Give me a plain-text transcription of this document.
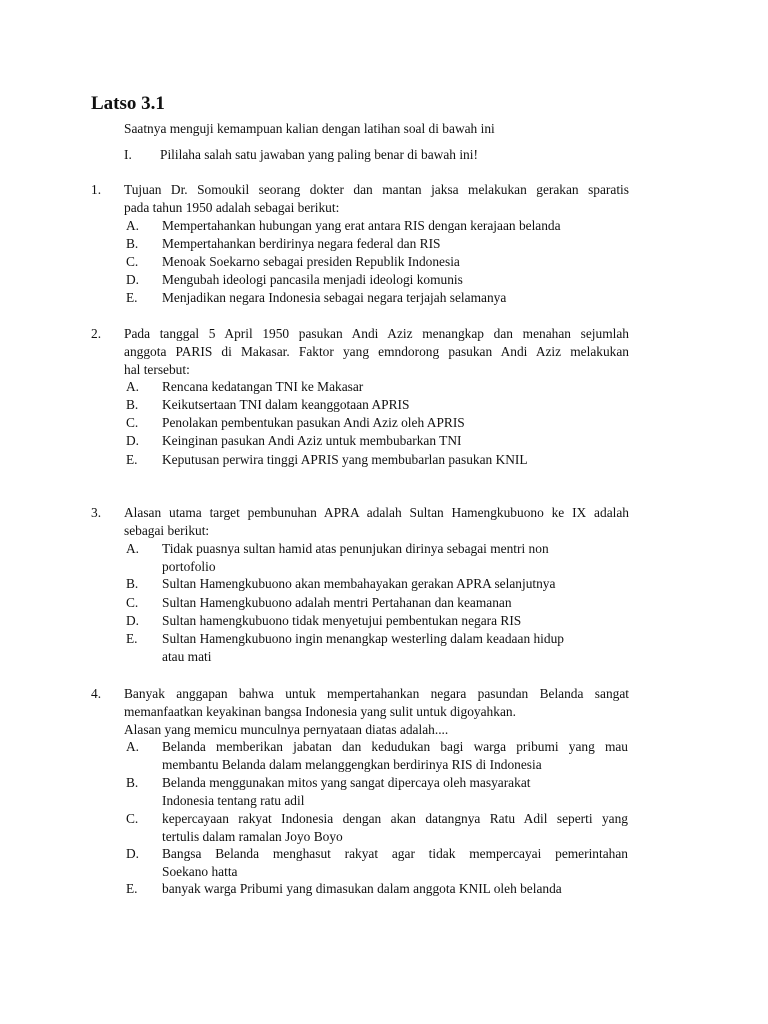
Latso 3.1
Saatnya menguji kemampuan kalian dengan latihan soal di bawah ini
I. Pililaha salah satu jawaban yang paling benar di bawah ini!
1. Tujuan Dr. Somoukil seorang dokter dan mantan jaksa melakukan gerakan sparatis
pada tahun 1950 adalah sebagai berikut:
A. Mempertahankan hubungan yang erat antara RIS dengan kerajaan belanda
B. Mempertahankan berdirinya negara federal dan RIS
C. Menoak Soekarno sebagai presiden Republik Indonesia
D. Mengubah ideologi pancasila menjadi ideologi komunis
E. Menjadikan negara Indonesia sebagai negara terjajah selamanya
2. Pada tanggal 5 April 1950 pasukan Andi Aziz menangkap dan menahan sejumlah
anggota PARIS di Makasar. Faktor yang emndorong pasukan Andi Aziz melakukan
hal tersebut:
A. Rencana kedatangan TNI ke Makasar
B. Keikutsertaan TNI dalam keanggotaan APRIS
C. Penolakan pembentukan pasukan Andi Aziz oleh APRIS
D. Keinginan pasukan Andi Aziz untuk membubarkan TNI
E. Keputusan perwira tinggi APRIS yang membubarlan pasukan KNIL
3. Alasan utama target pembunuhan APRA adalah Sultan Hamengkubuono ke IX adalah
sebagai berikut:
A. Tidak puasnya sultan hamid atas penunjukan dirinya sebagai mentri non
portofolio
B. Sultan Hamengkubuono akan membahayakan gerakan APRA selanjutnya
C. Sultan Hamengkubuono adalah mentri Pertahanan dan keamanan
D. Sultan hamengkubuono tidak menyetujui pembentukan negara RIS
E. Sultan Hamengkubuono ingin menangkap westerling dalam keadaan hidup
atau mati
4. Banyak anggapan bahwa untuk mempertahankan negara pasundan Belanda sangat
memanfaatkan keyakinan bangsa Indonesia yang sulit untuk digoyahkan.
Alasan yang memicu munculnya pernyataan diatas adalah....
A. Belanda memberikan jabatan dan kedudukan bagi warga pribumi yang mau
membantu Belanda dalam melanggengkan berdirinya RIS di Indonesia
B. Belanda menggunakan mitos yang sangat dipercaya oleh masyarakat
Indonesia tentang ratu adil
C. kepercayaan rakyat Indonesia dengan akan datangnya Ratu Adil seperti yang
tertulis dalam ramalan Joyo Boyo
D. Bangsa Belanda menghasut rakyat agar tidak mempercayai pemerintahan
Soekano hatta
E. banyak warga Pribumi yang dimasukan dalam anggota KNIL oleh belanda
